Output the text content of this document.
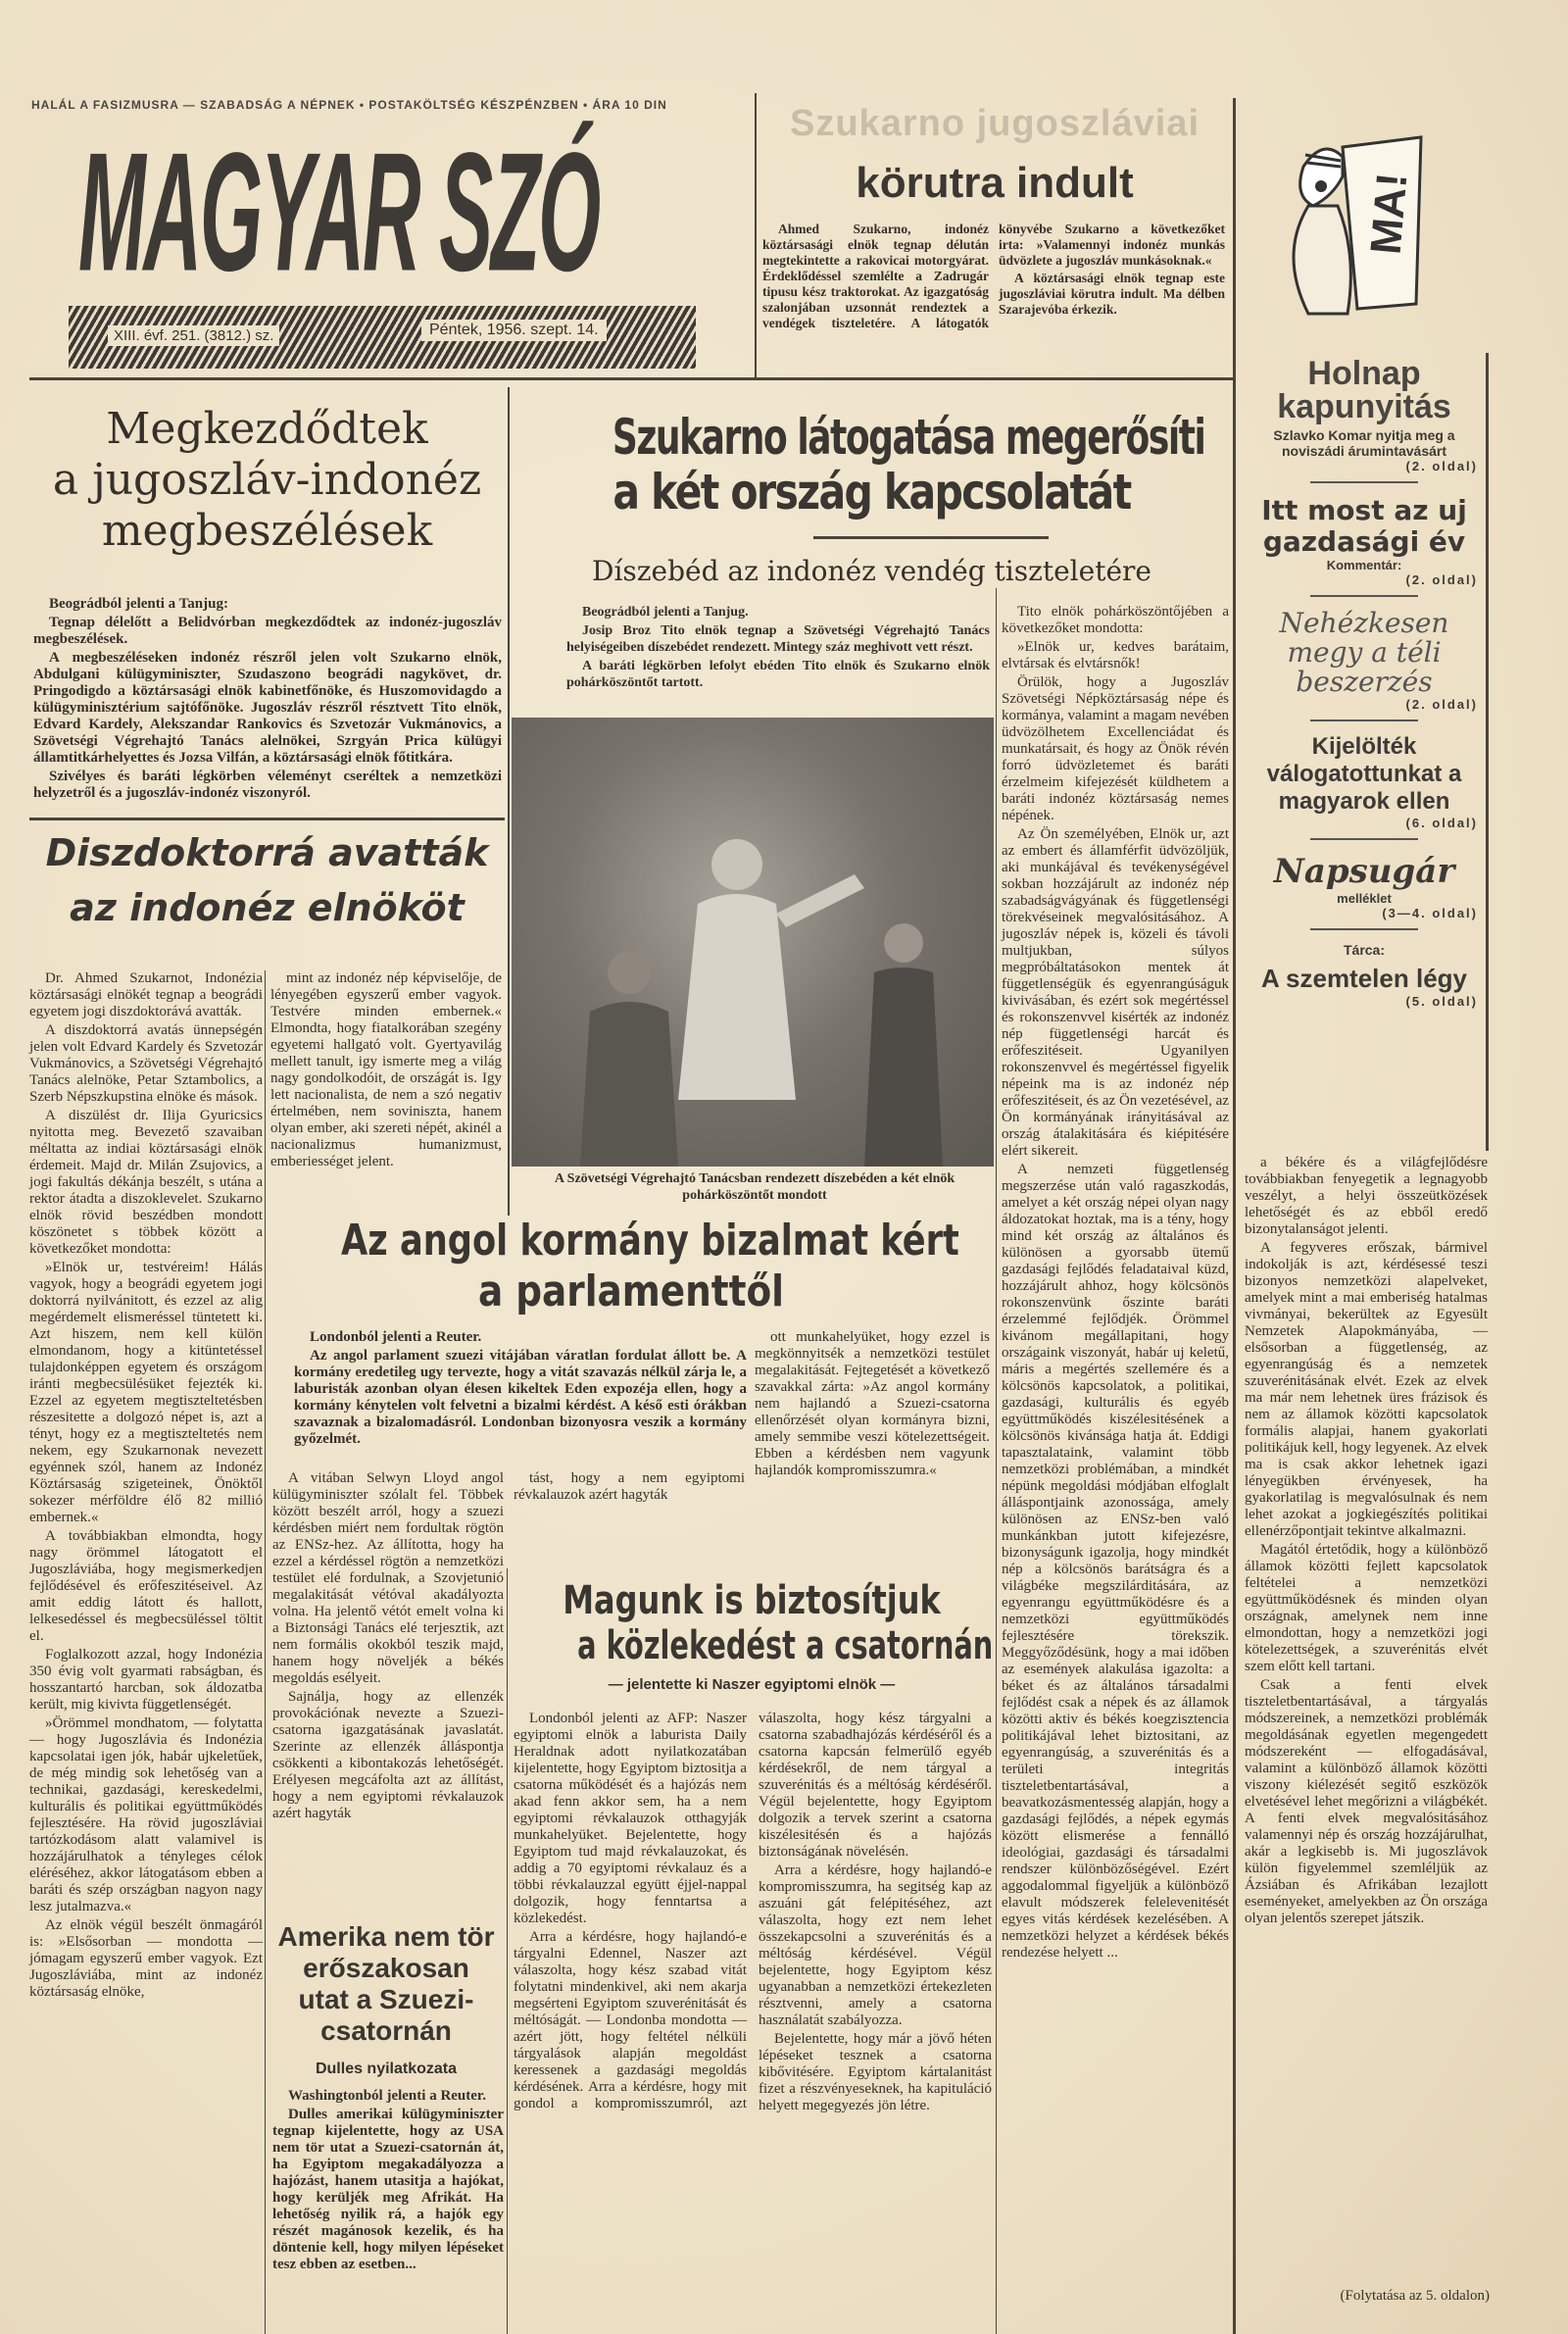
HALÁL A FASIZMUSRA — SZABADSÁG A NÉPNEK • POSTAKÖLTSÉG KÉSZPÉNZBEN • ÁRA 10 DIN
MAGYAR SZÓ
XIII. évf. 251. (3812.) sz.	Péntek, 1956. szept. 14.
Szukarno jugoszláviai
körutra indult

Ahmed Szukarno, indonéz köztársasági elnök tegnap délután megtekintette a rakovicai motorgyárat. Érdeklődéssel szemlélte a Zadrugár tipusu kész traktorokat. Az igazgatóság szalonjában uzsonnát rendeztek a vendégek tiszteletére. A látogatók könyvébe Szukarno a következőket irta: »Valamennyi indonéz munkás üdvözlete a jugoszláv munkásoknak.«

A köztársasági elnök tegnap este jugoszláviai körutra indult. Ma délben Szarajevóba érkezik.

MA!
Holnap kapunyitás
Szlavko Komar nyitja meg a noviszádi árumintavásárt
(2. oldal)
Itt most az uj gazdasági év
Kommentár:
(2. oldal)
Nehézkesen megy a téli beszerzés
(2. oldal)
Kijelölték válogatottunkat a magyarok ellen
(6. oldal)
Napsugár
melléklet
(3—4. oldal)
Tárca:
A szemtelen légy
(5. oldal)
Megkezdődtek
a jugoszláv-indonéz
megbeszélések

Beográdból jelenti a Tanjug:

Tegnap délelőtt a Belidvórban megkezdődtek az indonéz-jugoszláv megbeszélések.

A megbeszéléseken indonéz részről jelen volt Szukarno elnök, Abdulgani külügyminiszter, Szudaszono beográdi nagykövet, dr. Pringodigdo a köztársasági elnök kabinetfőnöke, és Huszomovidagdo a külügyminisztérium sajtófőnöke. Jugoszláv részről résztvett Tito elnök, Edvard Kardely, Alekszandar Rankovics és Szvetozár Vukmánovics, a Szövetségi Végrehajtó Tanács alelnökei, Szrgyán Prica külügyi államtitkárhelyettes és Jozsa Vilfán, a köztársasági elnök főtitkára.

Szivélyes és baráti légkörben véleményt cseréltek a nemzetközi helyzetről és a jugoszláv-indonéz viszonyról.

Diszdoktorrá avatták
az indonéz elnököt

Dr. Ahmed Szukarnot, Indonézia köztársasági elnökét tegnap a beográdi egyetem jogi diszdoktorává avatták.

A diszdoktorrá avatás ünnepségén jelen volt Edvard Kardely és Szvetozár Vukmánovics, a Szövetségi Végrehajtó Tanács alelnöke, Petar Sztambolics, a Szerb Népszkupstina elnöke és mások.

A diszülést dr. Ilija Gyuricsics nyitotta meg. Bevezető szavaiban méltatta az indiai köztársasági elnök érdemeit. Majd dr. Milán Zsujovics, a jogi fakultás dékánja beszélt, s utána a rektor átadta a diszoklevelet. Szukarno elnök rövid beszédben mondott köszönetet s többek között a következőket mondotta:

»Elnök ur, testvéreim! Hálás vagyok, hogy a beográdi egyetem jogi doktorrá nyilvánitott, és ezzel az alig megérdemelt elismeréssel tüntetett ki. Azt hiszem, nem kell külön elmondanom, hogy a kitüntetéssel tulajdonképpen egyetem és országom iránti megbecsülésüket fejezték ki. Ezzel az egyetem megtiszteltetésben részesitette a dolgozó népet is, azt a tényt, hogy ez a megtiszteltetés nem nekem, egy Szukarnonak nevezett egyénnek szól, hanem az Indonéz Köztársaság szigeteinek, Önöktől sokezer mérföldre élő 82 millió embernek.«

A továbbiakban elmondta, hogy nagy örömmel látogatott el Jugoszláviába, hogy megismerkedjen fejlődésével és erőfeszitéseivel. Az amit eddig látott és hallott, lelkesedéssel és megbecsüléssel töltit el.

Foglalkozott azzal, hogy Indonézia 350 évig volt gyarmati rabságban, és hosszantartó harcban, sok áldozatba került, mig kivivta függetlenségét.

»Örömmel mondhatom, — folytatta — hogy Jugoszlávia és Indonézia kapcsolatai igen jók, habár ujkeletűek, de még mindig sok lehetőség van a technikai, gazdasági, kereskedelmi, kulturális és politikai együttműködés fejlesztésére. Ha rövid jugoszláviai tartózkodásom alatt valamivel is hozzájárulhatok a tényleges célok eléréséhez, akkor látogatásom ebben a baráti és szép országban nagyon nagy lesz jutalmazva.«

Az elnök végül beszélt önmagáról is: »Elsősorban — mondotta — jómagam egyszerű ember vagyok. Ezt Jugoszláviába, mint az indonéz köztársaság elnöke,

mint az indonéz nép képviselője, de lényegében egyszerű ember vagyok. Testvére minden embernek.« Elmondta, hogy fiatalkorában szegény egyetemi hallgató volt. Gyertyavilág mellett tanult, igy ismerte meg a világ nagy gondolkodóit, de országát is. Igy lett nacionalista, de nem a szó negativ értelmében, nem soviniszta, hanem olyan ember, aki szereti népét, akinél a nacionalizmus humanizmust, emberiességet jelent.

Szukarno látogatása megerősíti
a két ország kapcsolatát
Díszebéd az indonéz vendég tiszteletére

Beográdból jelenti a Tanjug.

Josip Broz Tito elnök tegnap a Szövetségi Végrehajtó Tanács helyiségeiben díszebédet rendezett. Mintegy száz meghivott vett részt.

A baráti légkörben lefolyt ebéden Tito elnök és Szukarno elnök pohárköszöntőt tartott.

A Szövetségi Végrehajtó Tanácsban rendezett díszebéden a két elnök pohárköszöntőt mondott

Tito elnök pohárköszöntőjében a következőket mondotta:

»Elnök ur, kedves barátaim, elvtársak és elvtársnők!

Örülök, hogy a Jugoszláv Szövetségi Népköztársaság népe és kormánya, valamint a magam nevében üdvözölhetem Excellenciádat és munkatársait, és hogy az Önök révén forró üdvözletemet és baráti érzelmeim kifejezését küldhetem a baráti indonéz köztársaság nemes népének.

Az Ön személyében, Elnök ur, azt az embert és államférfit üdvözöljük, aki munkájával és tevékenységével sokban hozzájárult az indonéz nép szabadságvágyának és függetlenségi törekvéseinek megvalósitásához. A jugoszláv népek is, közeli és távoli multjukban, súlyos megpróbáltatásokon mentek át függetlenségük és egyenrangúságuk kivivásában, és ezért sok megértéssel és rokonszenvvel kisérték az indonéz nép függetlenségi harcát és erőfeszitéseit. Ugyanilyen rokonszenvvel és megértéssel figyelik népeink ma is az indonéz nép erőfeszitéseit, és az Ön vezetésével, az Ön kormányának irányitásával az ország átalakitására és kiépitésére elért sikereit.

A nemzeti függetlenség megszerzése után való ragaszkodás, amelyet a két ország népei olyan nagy áldozatokat hoztak, ma is a tény, hogy mind két ország az általános és különösen a gyorsabb ütemű gazdasági fejlődés feladataival küzd, hozzájárult ahhoz, hogy kölcsönös rokonszenvünk őszinte baráti érzelemmé fejlődjék. Örömmel kivánom megállapitani, hogy országaink viszonyát, habár uj keletű, máris a megértés szellemére és a kölcsönös kapcsolatok, a politikai, gazdasági, kulturális és egyéb együttműködés kiszélesitésének a kölcsönös kivánsága hatja át. Eddigi tapasztalataink, valamint több nemzetközi problémában, a mindkét népünk megoldási módjában elfoglalt álláspontjaink azonossága, amely különösen az ENSz-ben való munkánkban jutott kifejezésre, bizonyságunk igazolja, hogy mindkét nép a kölcsönös barátságra és a világbéke megszilárditására, az egyenrangu együttműködésre és a nemzetközi együttműködés fejlesztésére törekszik. Meggyőződésünk, hogy a mai időben az események alakulása igazolta: a béket és az általános társadalmi fejlődést csak a népek és az államok közötti aktiv és békés koegzisztencia politikájával lehet biztositani, az egyenrangúság, a szuverénitás és a területi integritás tiszteletbentartásával, a beavatkozásmentesség alapján, hogy a gazdasági fejlődés, a népek egymás között elismerése a fennálló ideológiai, gazdasági és társadalmi rendszer különbözőségével. Ezért aggodalommal figyeljük a különböző elavult módszerek felelevenitését egyes vitás kérdések kezelésében. A nemzetközi helyzet a kérdések békés rendezése helyett ...

Az angol kormány bizalmat kért
a parlamenttől

Londonból jelenti a Reuter.

Az angol parlament szuezi vitájában váratlan fordulat állott be. A kormány eredetileg ugy tervezte, hogy a vitát szavazás nélkül zárja le, a laburisták azonban olyan élesen kikeltek Eden expozéja ellen, hogy a kormány kénytelen volt felvetni a bizalmi kérdést. A késő esti órákban szavaznak a bizalomadásról. Londonban bizonyosra veszik a kormány győzelmét.

ott munkahelyüket, hogy ezzel is megkönnyitsék a nemzetközi testület megalakitását. Fejtegetését a következő szavakkal zárta: »Az angol kormány nem hajlandó a Szuezi-csatorna ellenőrzését olyan kormányra bizni, amely semmibe veszi kötelezettségeit. Ebben a kérdésben nem vagyunk hajlandók kompromisszumra.«

A vitában Selwyn Lloyd angol külügyminiszter szólalt fel. Többek között beszélt arról, hogy a szuezi kérdésben miért nem fordultak rögtön az ENSz-hez. Az állította, hogy ha ezzel a kérdéssel rögtön a nemzetközi testület elé fordulnak, a Szovjetunió megalakitását vétóval akadályozta volna. Ha jelentő vétót emelt volna ki a Biztonsági Tanács elé terjesztik, azt nem formális okokból teszik majd, hanem hogy növeljék a békés megoldás esélyeit.

Sajnálja, hogy az ellenzék provokációnak nevezte a Szuezi-csatorna igazgatásának javaslatát. Szerinte az ellenzék álláspontja csökkenti a kibontakozás lehetőségét. Erélyesen megcáfolta azt az állítást, hogy a nem egyiptomi révkalauzok azért hagyták

tást, hogy a nem egyiptomi révkalauzok azért hagyták

Magunk is biztosítjuk
a közlekedést a csatornán
— jelentette ki Naszer egyiptomi elnök —

Londonból jelenti az AFP: Naszer egyiptomi elnök a laburista Daily Heraldnak adott nyilatkozatában kijelentette, hogy Egyiptom biztositja a csatorna működését és a hajózás nem akad fenn akkor sem, ha a nem egyiptomi révkalauzok otthagyják munkahelyüket. Bejelentette, hogy Egyiptom tud majd révkalauzokat, és addig a 70 egyiptomi révkalauz és a többi révkalauzzal együtt éjjel-nappal dolgozik, hogy fenntartsa a közlekedést.

Arra a kérdésre, hogy hajlandó-e tárgyalni Edennel, Naszer azt válaszolta, hogy kész szabad vitát folytatni mindenkivel, aki nem akarja megsérteni Egyiptom szuverénitását és méltóságát. — Londonba mondotta — azért jött, hogy feltétel nélküli tárgyalások alapján megoldást keressenek a gazdasági megoldás kérdésének. Arra a kérdésre, hogy mit gondol a kompromisszumról, azt válaszolta, hogy kész tárgyalni a csatorna szabadhajózás kérdéséről és a csatorna kapcsán felmerülő egyéb kérdésekről, de nem tárgyal a szuverénitás és a méltóság kérdéséről. Végül bejelentette, hogy Egyiptom dolgozik a tervek szerint a csatorna kiszélesitésén és a hajózás biztonságának növelésén.

Arra a kérdésre, hogy hajlandó-e kompromisszumra, ha segitség kap az aszuáni gát felépitéséhez, azt válaszolta, hogy ezt nem lehet összekapcsolni a szuverénitás és a méltóság kérdésével. Végül bejelentette, hogy Egyiptom kész ugyanabban a nemzetközi értekezleten résztvenni, amely a csatorna használatát szabályozza.

Bejelentette, hogy már a jövő héten lépéseket tesznek a csatorna kibővitésére. Egyiptom kártalanitást fizet a részvényeseknek, ha kapituláció helyett megegyezés jön létre.

Amerika nem tör erőszakosan
utat a Szuezi-csatornán
Dulles nyilatkozata

Washingtonból jelenti a Reuter.

Dulles amerikai külügyminiszter tegnap kijelentette, hogy az USA nem tör utat a Szuezi-csatornán át, ha Egyiptom megakadályozza a hajózást, hanem utasitja a hajókat, hogy kerüljék meg Afrikát. Ha lehetőség nyilik rá, a hajók egy részét magánosok kezelik, és ha döntenie kell, hogy milyen lépéseket tesz ebben az esetben...

a békére és a világfejlődésre továbbiakban fenyegetik a legnagyobb veszélyt, a helyi összeütközések lehetőségét és az ebből eredő bizonytalanságot jelenti.

A fegyveres erőszak, bármivel indokolják is azt, kérdésessé teszi bizonyos nemzetközi alapelveket, amelyek mint a mai emberiség hatalmas vivmányai, bekerültek az Egyesült Nemzetek Alapokmányába, — elsősorban a függetlenség, az egyenrangúság és a nemzetek szuverénitásának elvét. Ezek az elvek ma már nem lehetnek üres frázisok és nem az államok közötti kapcsolatok formális alapjai, hanem gyakorlati politikájuk kell, hogy legyenek. Az elvek ma is csak akkor lehetnek igazi lényegükben érvényesek, ha gyakorlatilag is megvalósulnak és nem lehet azokat a jogkiegészítés politikai ellenérzőpontjait tekintve alkalmazni.

Magától értetődik, hogy a különböző államok közötti fejlett kapcsolatok feltételei a nemzetközi együttműködésnek és minden olyan országnak, amelynek nem inne elmondottan, hogy a nemzetközi jogi kötelezettségek, a szuverénitás elvét szem előtt kell tartani.

Csak a fenti elvek tiszteletbentartásával, a tárgyalás módszereinek, a nemzetközi problémák megoldásának egyetlen megengedett módszereként — elfogadásával, valamint a különböző államok közötti viszony kiélezését segitő eszközök elvetésével lehet megőrizni a világbékét. A fenti elvek megvalósitásához valamennyi nép és ország hozzájárulhat, akár a legkisebb is. Mi jugoszlávok külön figyelemmel szemléljük az Ázsiában és Afrikában lezajlott eseményeket, amelyekben az Ön országa olyan jelentős szerepet játszik.

(Folytatása az 5. oldalon)
